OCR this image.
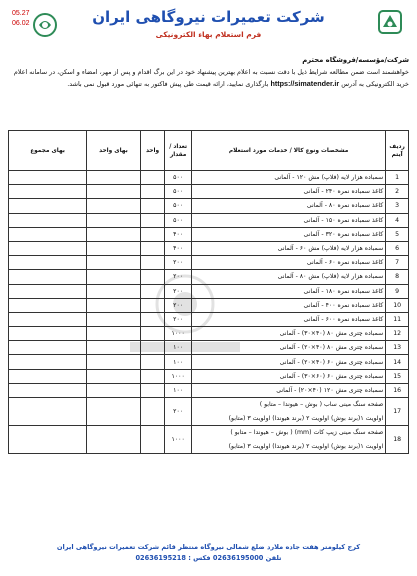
05.27
06.02	شرکت تعمیرات نیروگاهی ایران
فرم استعلام بهاء الکترونیکی
شرکت/مؤسسه/فروشگاه محترم
خواهشمند است ضمن مطالعه شرایط ذیل با دقت نسبت به اعلام بهترین پیشنهاد خود در این برگ اقدام و پس از مهر، امضاء و اسکن، در سامانه اعلام خرید الکترونیکی به آدرس https://simatender.ir بارگذاری نمایید، ارائه قیمت طی پیش فاکتور به تنهائی مورد قبول نمی باشد.
ردیف آیتم	مشخصات ونوع کالا / خدمات مورد استعلام	تعداد / مقدار	واحد	بهای واحد	بهای مجموع
1	سمباده هزار لایه (فلاپ) مش ۱۲۰ - آلمانی	۵۰۰			
2	کاغذ سمباده نمره ۲۴۰ - آلمانی	۵۰۰			
3	کاغذ سمباده نمره ۸۰ - آلمانی	۵۰۰			
4	کاغذ سمباده نمره ۱۵۰ - آلمانی	۵۰۰			
5	کاغذ سمباده نمره ۳۲۰ - آلمانی	۴۰۰			
6	سمباده هزار لایه (فلاپ) مش ۶۰ - آلمانی	۴۰۰			
7	کاغذ سمباده نمره ۶۰ - آلمانی	۲۰۰			
8	سمباده هزار لایه (فلاپ) مش ۸۰ - آلمانی	۲۰۰			
9	کاغذ سمباده نمره ۱۸۰ - آلمانی	۲۰۰			
10	کاغذ سمباده نمره ۴۰۰ - آلمانی	۲۰۰			
11	کاغذ سمباده نمره ۶۰۰ - آلمانی	۲۰۰			
12	سمباده چتری مش ۸۰ (۴۰×۳۰) - آلمانی	۱۰۰۰			
13	سمباده چتری مش ۸۰ (۴۰×۲۰) - آلمانی	۱۰۰			
14	سمباده چتری مش ۶۰ (۴۰×۲۰) - آلمانی	۱۰۰			
15	سمباده چتری مش ۶۰ (۶۰×۳۰) - آلمانی	۱۰۰۰			
16	سمباده چتری مش ۱۲۰ (۴۰×۲۰) - آلمانی	۱۰۰			
17	صفحه سنگ مینی ساب ( بوش – هیوندا – متابو )
اولویت ۱(برند بوش) اولویت ۲ (برند هیوندا) اولویت ۳ (متابو)	۲۰۰			
18	صفحه سنگ مینی زیپ کات (mm) ( بوش – هیوندا – متابو )
اولویت ۱(برند بوش) اولویت ۲ (برند هیوندا) اولویت ۳ (متابو)	۱۰۰۰			
کرج کیلومتر هفت جاده ملارد ضلع شمالی نیروگاه منتظر قائم شرکت تعمیرات نیروگاهی ایران
تلفن 02636195000 فکس : 02636195218
